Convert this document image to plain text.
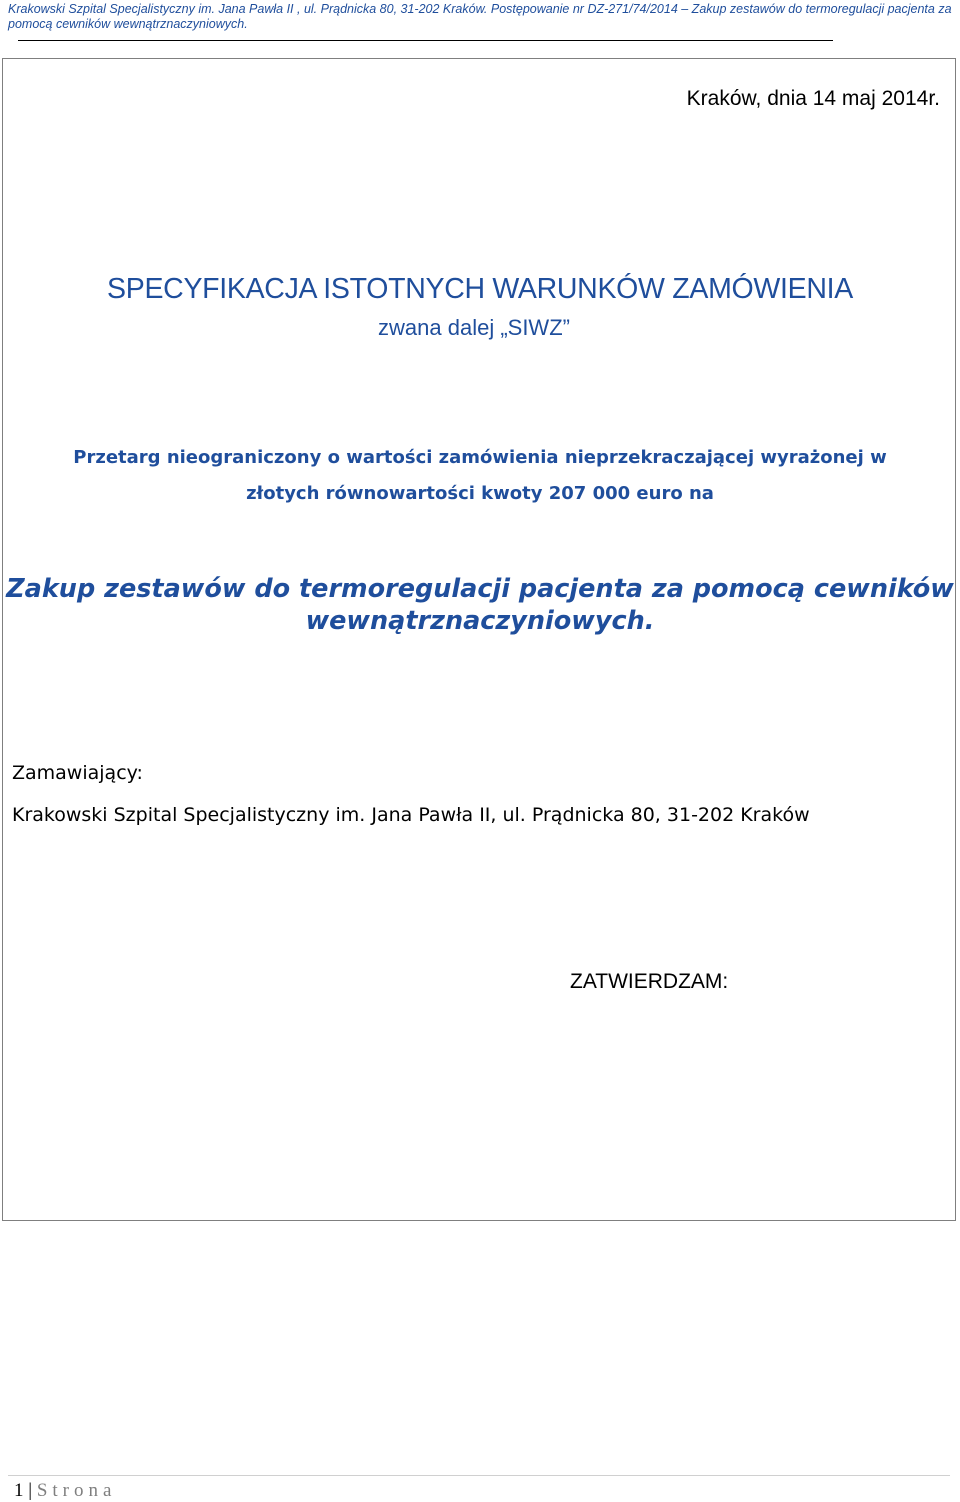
Krakowski Szpital Specjalistyczny im. Jana Pawła II , ul. Prądnicka 80, 31-202 Kraków. Postępowanie nr DZ-271/74/2014 – Zakup zestawów do termoregulacji pacjenta za pomocą cewników wewnątrznaczyniowych.
Kraków, dnia 14 maj 2014r.
SPECYFIKACJA ISTOTNYCH WARUNKÓW ZAMÓWIENIA
zwana dalej „SIWZ”
Przetarg nieograniczony o wartości zamówienia nieprzekraczającej wyrażonej w
złotych równowartości kwoty 207 000 euro na
Zakup zestawów do termoregulacji pacjenta za pomocą cewników
wewnątrznaczyniowych.
Zamawiający:
Krakowski Szpital Specjalistyczny im. Jana Pawła II, ul. Prądnicka 80, 31-202 Kraków
ZATWIERDZAM:
1 | Strona
